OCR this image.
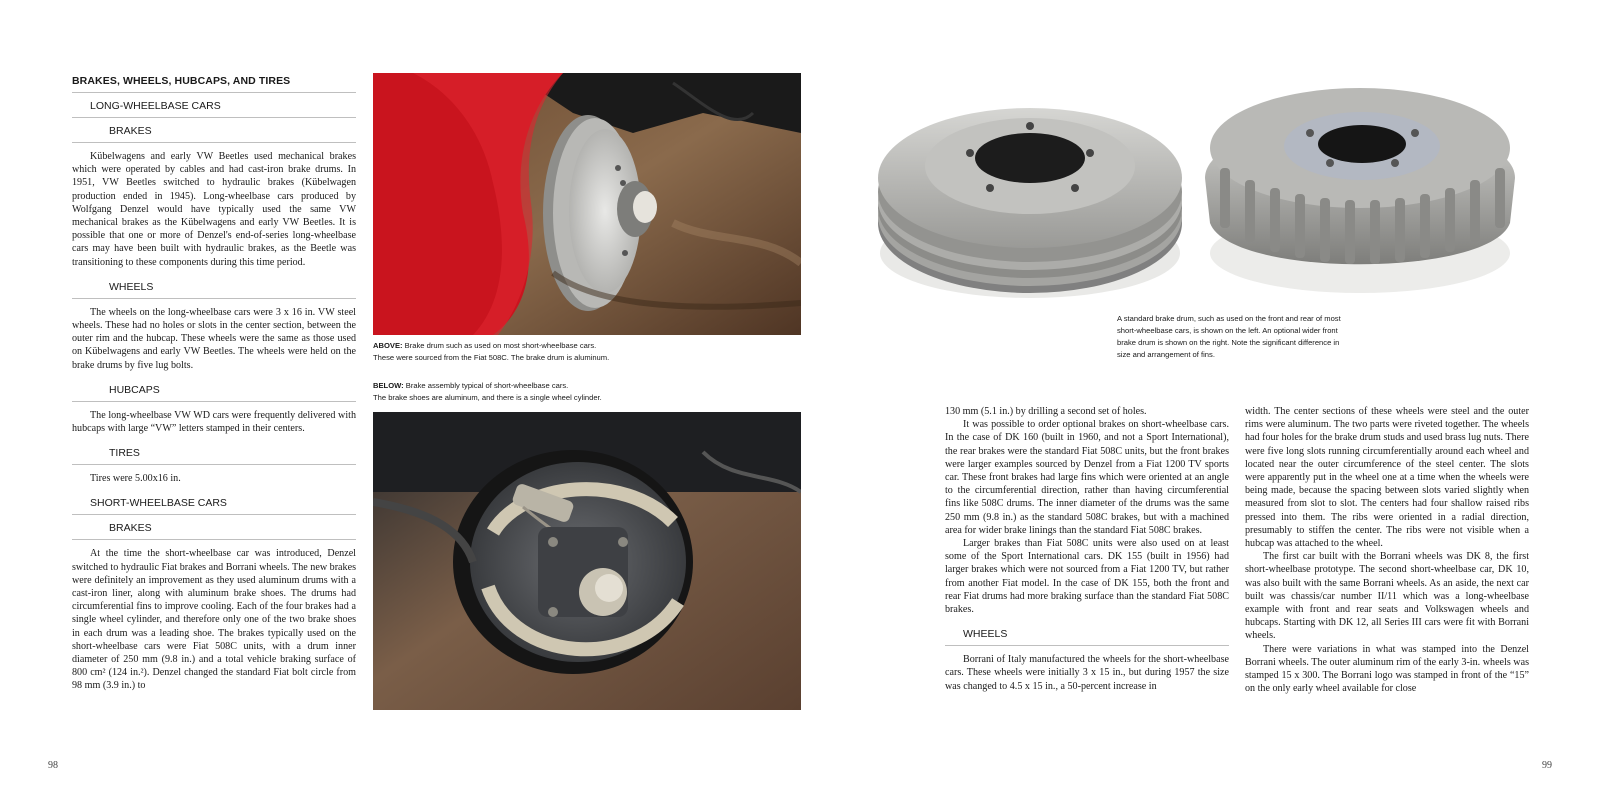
BRAKES, WHEELS, HUBCAPS, AND TIRES
LONG-WHEELBASE CARS
BRAKES

Kübelwagens and early VW Beetles used mechanical brakes which were operated by cables and had cast-iron brake drums. In 1951, VW Beetles switched to hydraulic brakes (Kübelwagen production ended in 1945). Long-wheelbase cars produced by Wolfgang Denzel would have typically used the same VW mechanical brakes as the Kübelwagens and early VW Beetles. It is possible that one or more of Denzel's end-of-series long-wheelbase cars may have been built with hydraulic brakes, as the Beetle was transitioning to these components during this time period.

WHEELS

The wheels on the long-wheelbase cars were 3 x 16 in. VW steel wheels. These had no holes or slots in the center section, between the outer rim and the hubcap. These wheels were the same as those used on Kübelwagens and early VW Beetles. The wheels were held on the brake drums by five lug bolts.

HUBCAPS

The long-wheelbase VW WD cars were frequently delivered with hubcaps with large “VW” letters stamped in their centers.

TIRES

Tires were 5.00x16 in.

SHORT-WHEELBASE CARS
BRAKES

At the time the short-wheelbase car was introduced, Denzel switched to hydraulic Fiat brakes and Borrani wheels. The new brakes were definitely an improvement as they used aluminum drums with a cast-iron liner, along with aluminum brake shoes. The drums had circumferential fins to improve cooling. Each of the four brakes had a single wheel cylinder, and therefore only one of the two brake shoes in each drum was a leading shoe. The brakes typically used on the short-wheelbase cars were Fiat 508C units, with a drum inner diameter of 250 mm (9.8 in.) and a total vehicle braking surface of 800 cm² (124 in.²). Denzel changed the standard Fiat bolt circle from 98 mm (3.9 in.) to

ABOVE: Brake drum such as used on most short-wheelbase cars.
These were sourced from the Fiat 508C. The brake drum is aluminum.
BELOW: Brake assembly typical of short-wheelbase cars.
The brake shoes are aluminum, and there is a single wheel cylinder.
98
A standard brake drum, such as used on the front and rear of most
short-wheelbase cars, is shown on the left. An optional wider front
brake drum is shown on the right. Note the significant difference in
size and arrangement of fins.

130 mm (5.1 in.) by drilling a second set of holes.

It was possible to order optional brakes on short-wheelbase cars. In the case of DK 160 (built in 1960, and not a Sport International), the rear brakes were the standard Fiat 508C units, but the front brakes were larger examples sourced by Denzel from a Fiat 1200 TV sports car. These front brakes had large fins which were oriented at an angle to the circumferential direction, rather than having circumferential fins like 508C drums. The inner diameter of the drums was the same 250 mm (9.8 in.) as the standard 508C brakes, but with a machined area for wider brake linings than the standard Fiat 508C brakes.

Larger brakes than Fiat 508C units were also used on at least some of the Sport International cars. DK 155 (built in 1956) had larger brakes which were not sourced from a Fiat 1200 TV, but rather from another Fiat model. In the case of DK 155, both the front and rear Fiat drums had more braking surface than the standard Fiat 508C brakes.

WHEELS

Borrani of Italy manufactured the wheels for the short-wheelbase cars. These wheels were initially 3 x 15 in., but during 1957 the size was changed to 4.5 x 15 in., a 50-percent increase in

width. The center sections of these wheels were steel and the outer rims were aluminum. The two parts were riveted together. The wheels had four holes for the brake drum studs and used brass lug nuts. There were five long slots running circumferentially around each wheel and located near the outer circumference of the steel center. The slots were apparently put in the wheel one at a time when the wheels were being made, because the spacing between slots varied slightly when measured from slot to slot. The centers had four shallow raised ribs pressed into them. The ribs were oriented in a radial direction, presumably to stiffen the center. The ribs were not visible when a hubcap was attached to the wheel.

The first car built with the Borrani wheels was DK 8, the first short-wheelbase prototype. The second short-wheelbase car, DK 10, was also built with the same Borrani wheels. As an aside, the next car built was chassis/car number II/11 which was a long-wheelbase example with front and rear seats and Volkswagen wheels and hubcaps. Starting with DK 12, all Series III cars were fit with Borrani wheels.

There were variations in what was stamped into the Denzel Borrani wheels. The outer aluminum rim of the early 3-in. wheels was stamped 15 x 300. The Borrani logo was stamped in front of the “15” on the only early wheel available for close

99
